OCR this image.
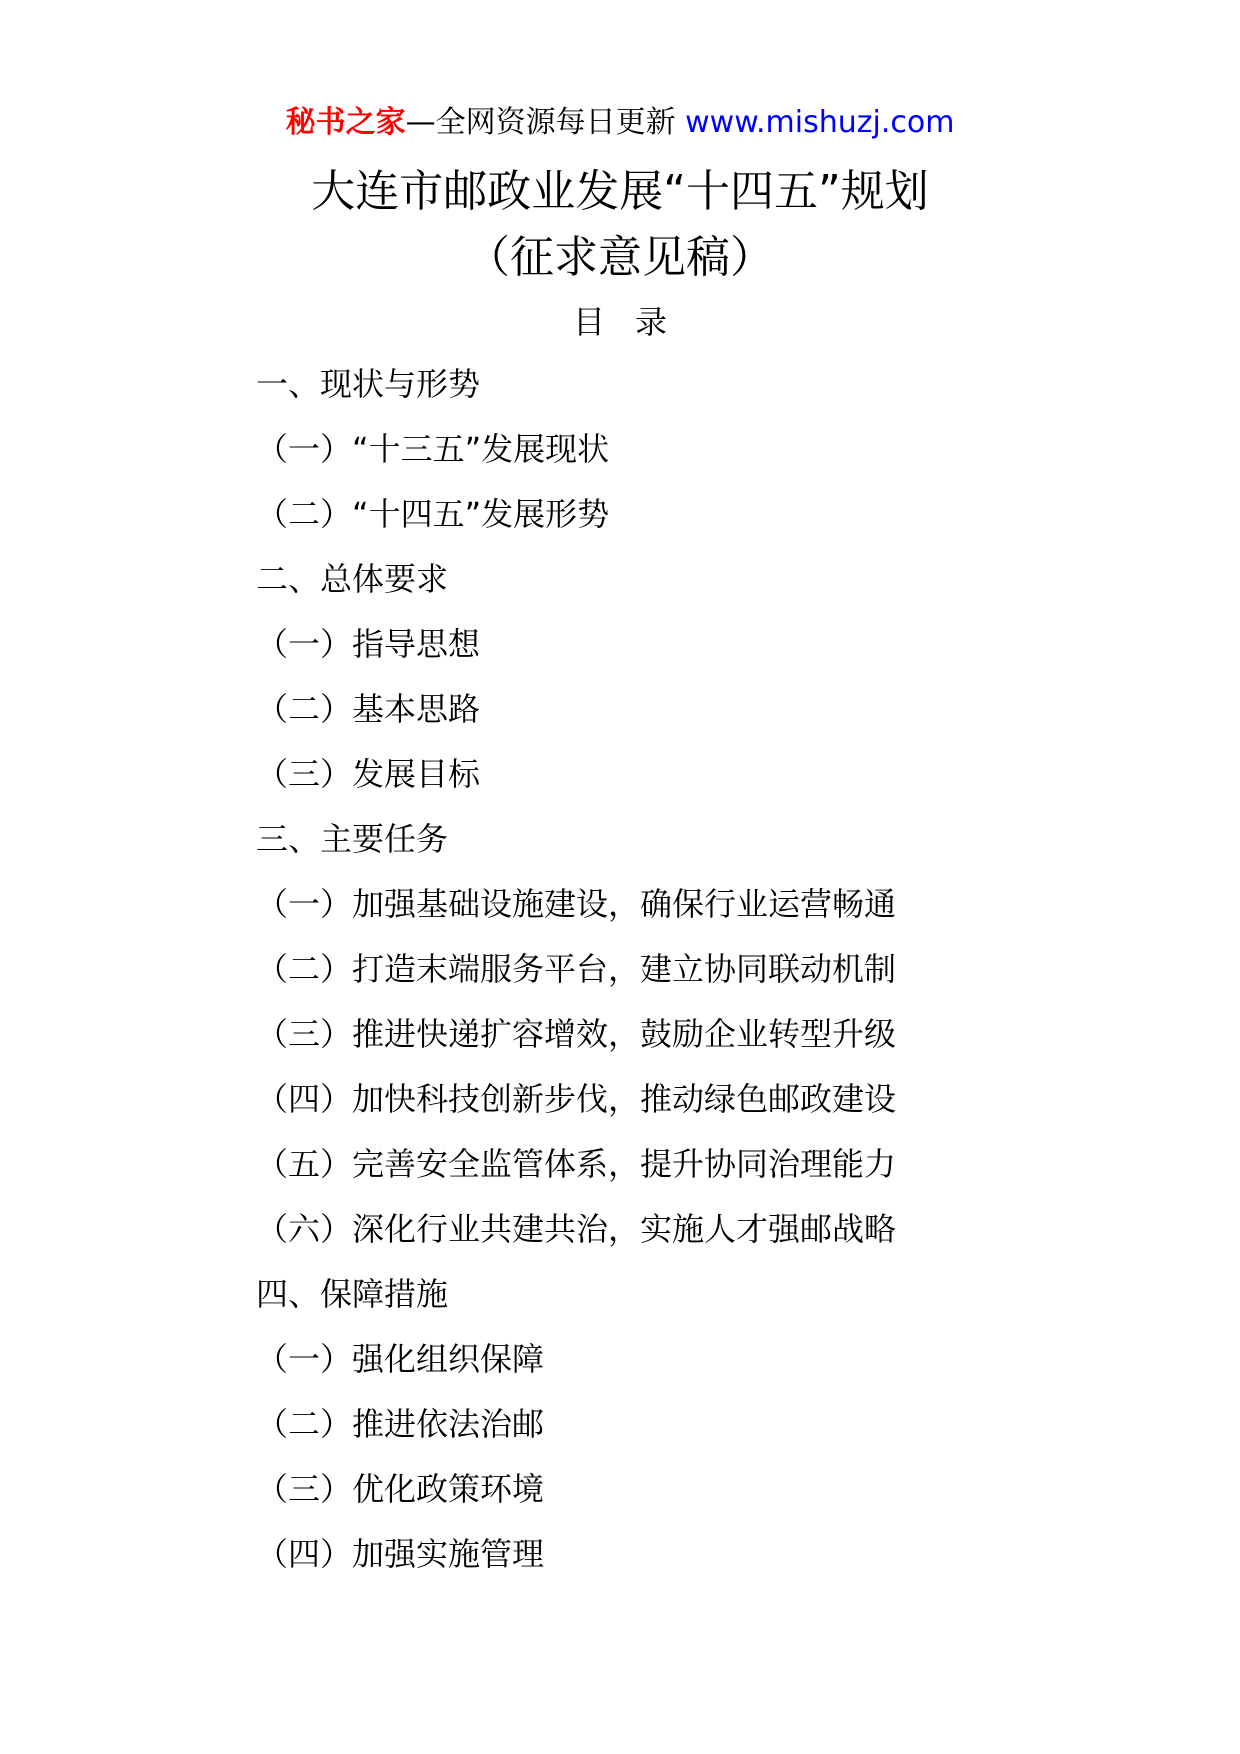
秘书之家—全网资源每日更新 www.mishuzj.com
大连市邮政业发展“十四五”规划
（征求意见稿）
目录
一、现状与形势
（一）“十三五”发展现状
（二）“十四五”发展形势
二、总体要求
（一）指导思想
（二）基本思路
（三）发展目标
三、主要任务
（一）加强基础设施建设，确保行业运营畅通
（二）打造末端服务平台，建立协同联动机制
（三）推进快递扩容增效，鼓励企业转型升级
（四）加快科技创新步伐，推动绿色邮政建设
（五）完善安全监管体系，提升协同治理能力
（六）深化行业共建共治，实施人才强邮战略
四、保障措施
（一）强化组织保障
（二）推进依法治邮
（三）优化政策环境
（四）加强实施管理
